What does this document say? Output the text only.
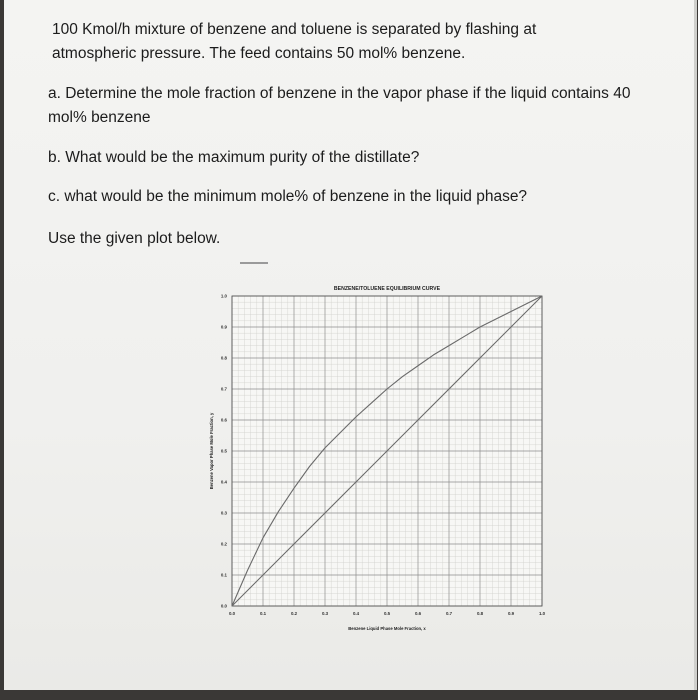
100 Kmol/h mixture of benzene and toluene is separated by flashing at atmospheric pressure. The feed contains 50 mol% benzene.

a. Determine the mole fraction of benzene in the vapor phase if the liquid contains 40 mol% benzene

b. What would be the maximum purity of the distillate?

c. what would be the minimum mole% of benzene in the liquid phase?

Use the given plot below.

0.0	0.1	0.2	0.3	0.4	0.5	0.6	0.7	0.8	0.9	1.0
0.0
0.1
0.2
0.3
0.4
0.5
0.6
0.7
0.8
0.9
1.0
BENZENE/TOLUENE EQUILIBRIUM CURVE
Benzene Vapor Phase Mole Fraction, y
Benzene Liquid Phase Mole Fraction, x
